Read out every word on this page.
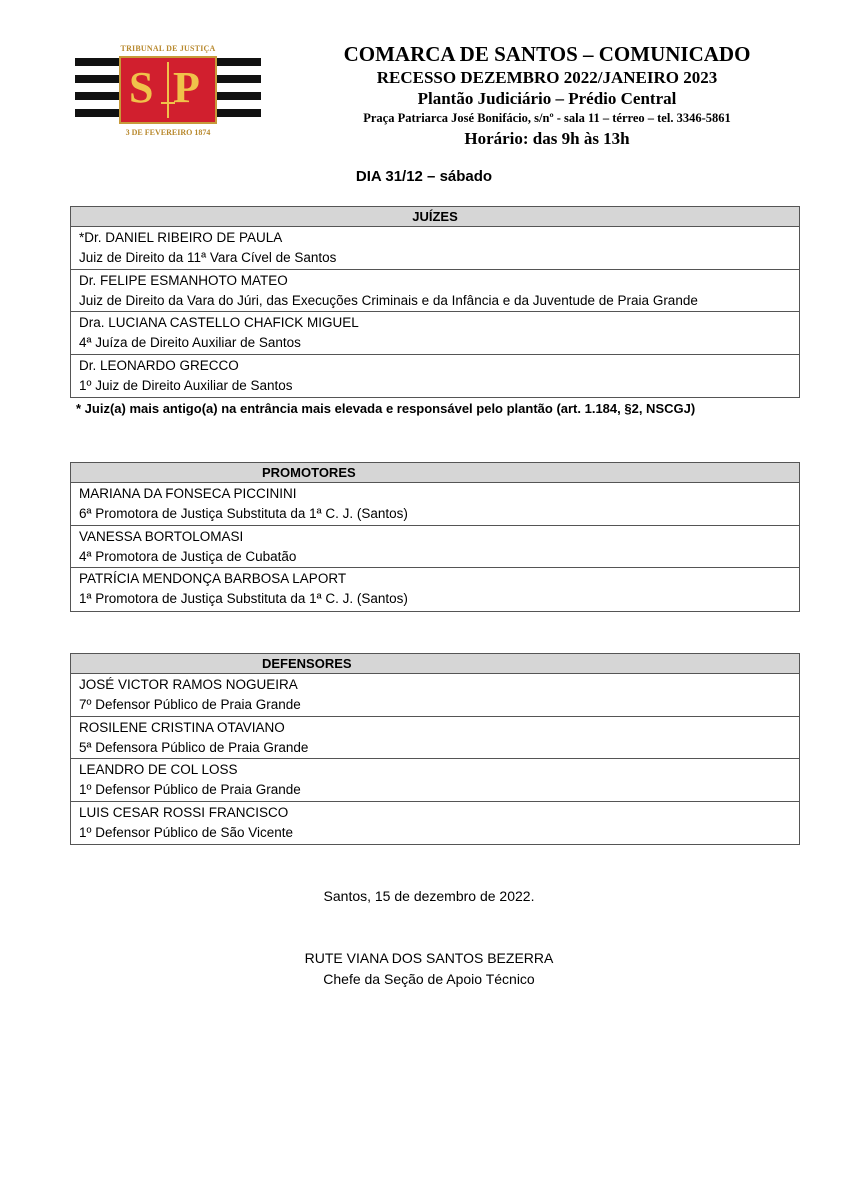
TRIBUNAL DE JUSTIÇA
S P
3 DE FEVEREIRO 1874
COMARCA DE SANTOS – COMUNICADO
RECESSO DEZEMBRO 2022/JANEIRO 2023
Plantão Judiciário – Prédio Central
Praça Patriarca José Bonifácio, s/nº - sala 11 – térreo – tel. 3346-5861
Horário: das 9h às 13h
DIA 31/12 – sábado
JUÍZES
*Dr. DANIEL RIBEIRO DE PAULA
Juiz de Direito da 11ª Vara Cível de Santos
Dr. FELIPE ESMANHOTO MATEO
Juiz de Direito da Vara do Júri, das Execuções Criminais e da Infância e da Juventude de Praia Grande
Dra. LUCIANA CASTELLO CHAFICK MIGUEL
4ª Juíza de Direito Auxiliar de Santos
Dr. LEONARDO GRECCO
1º Juiz de Direito Auxiliar de Santos
* Juiz(a) mais antigo(a) na entrância mais elevada e responsável pelo plantão (art. 1.184, §2, NSCGJ)
PROMOTORES
MARIANA DA FONSECA PICCININI
6ª Promotora de Justiça Substituta da 1ª C. J. (Santos)
VANESSA BORTOLOMASI
4ª Promotora de Justiça de Cubatão
PATRÍCIA MENDONÇA BARBOSA LAPORT
1ª Promotora de Justiça Substituta da 1ª C. J. (Santos)
DEFENSORES
JOSÉ VICTOR RAMOS NOGUEIRA
7º Defensor Público de Praia Grande
ROSILENE CRISTINA OTAVIANO
5ª Defensora Público de Praia Grande
LEANDRO DE COL LOSS
1º Defensor Público de Praia Grande
LUIS CESAR ROSSI FRANCISCO
1º Defensor Público de São Vicente
Santos, 15 de dezembro de 2022.
RUTE VIANA DOS SANTOS BEZERRA
Chefe da Seção de Apoio Técnico
